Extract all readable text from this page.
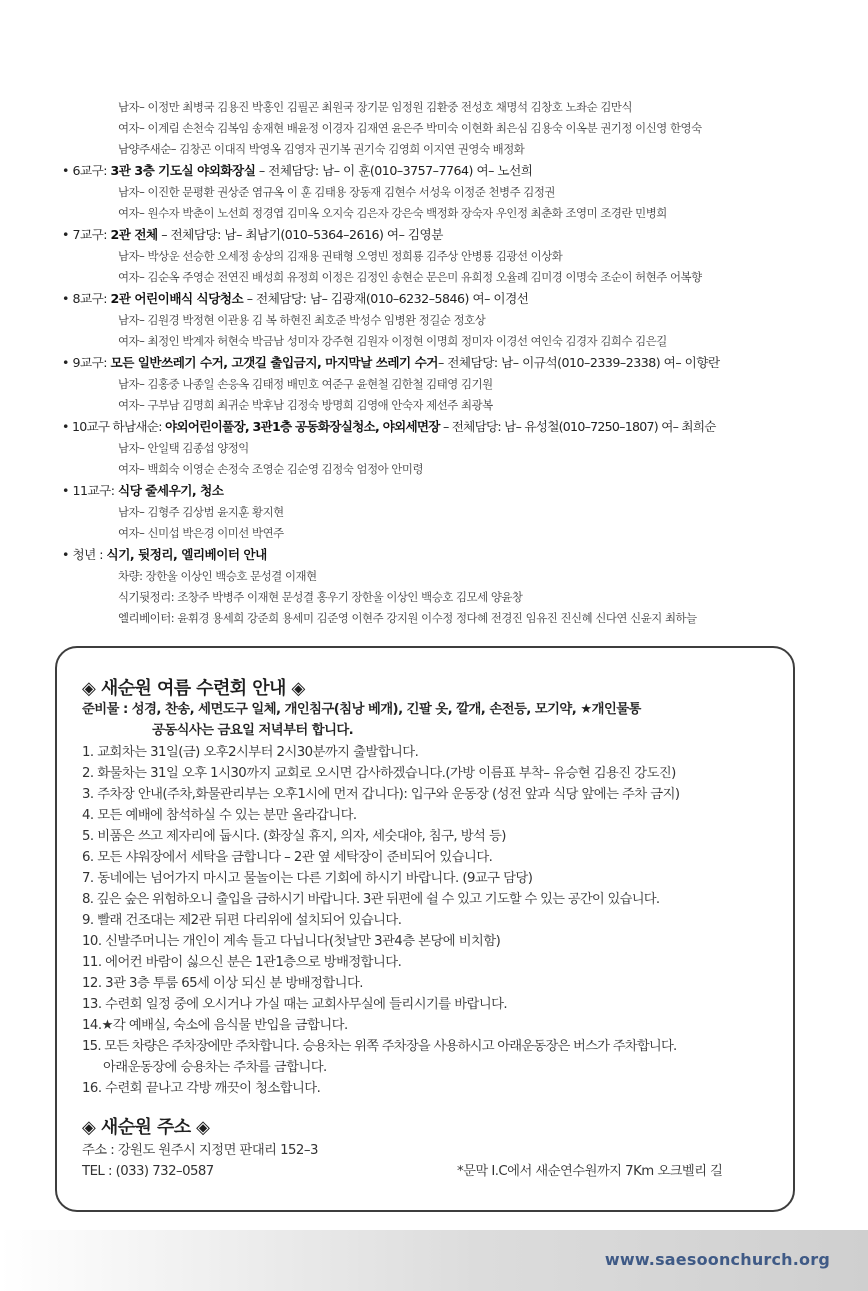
남자– 이정만 최병국 김용진 박홍인 김필곤 최원국 장기문 임정원 김환중 전성호 채명석 김창호 노좌순 김만식
여자– 이계림 손천숙 김복임 송재현 배윤정 이경자 김재연 윤은주 박미숙 이현화 최은심 김용숙 이옥분 권기정 이신영 한영숙
남양주새순– 김창곤 이대직 박영옥 김영자 권기복 권기숙 김영희 이지연 권영숙 배정화
• 6교구: 3관 3층 기도실 야외화장실 – 전체담당: 남– 이 훈(010–3757–7764) 여– 노선희
남자– 이진한 문평환 권상준 염규옥 이 훈 김태용 장동재 김현수 서성욱 이정준 천병주 김정권
여자– 원수자 박춘이 노선희 정경엽 김미옥 오지숙 김은자 강은숙 백정화 장숙자 우인정 최춘화 조영미 조경란 민병희
• 7교구: 2관 전체 – 전체담당: 남– 최남기(010–5364–2616) 여– 김영분
남자– 박상운 선승한 오세정 송상의 김재용 권태형 오영빈 정희룡 김주상 안병룡 김광선 이상화
여자– 김순옥 주영순 전연진 배성희 유정희 이정은 김정인 송현순 문은미 유희정 오율례 김미경 이명숙 조순이 허현주 어복향
• 8교구: 2관 어린이배식 식당청소 – 전체담당: 남– 김광재(010–6232–5846) 여– 이경선
남자– 김원경 박정현 이관용 김 복 하현진 최호준 박성수 임병완 정길순 정호상
여자– 최정인 박계자 허현숙 박금남 성미자 강주현 김원자 이정현 이명희 정미자 이경선 여인숙 김경자 김희수 김은길
• 9교구: 모든 일반쓰레기 수거, 고갯길 출입금지, 마지막날 쓰레기 수거– 전체담당: 남– 이규석(010–2339–2338) 여– 이향란
남자– 김홍중 나종일 손응옥 김태정 배민호 여준구 윤현철 김한철 김태영 김기원
여자– 구부남 김명희 최귀순 박후남 김정숙 방명희 김영애 안숙자 제선주 최광복
• 10교구 하남새순: 야외어린이풀장, 3관1층 공동화장실청소, 야외세면장 – 전체담당: 남– 유성철(010–7250–1807) 여– 최희순
남자– 안일택 김종섭 양정익
여자– 백희숙 이영순 손정숙 조영순 김순영 김정숙 엄정아 안미령
• 11교구: 식당 줄세우기, 청소
남자– 김형주 김상범 윤지훈 황지현
여자– 신미섭 박은경 이미선 박연주
• 청년 : 식기, 뒷정리, 엘리베이터 안내
차량: 장한울 이상인 백승호 문성결 이재현
식기뒷정리: 조창주 박병주 이재현 문성결 홍우기 장한울 이상인 백승호 김모세 양윤창
엘리베이터: 윤휘경 용세희 강준희 용세미 김준영 이현주 강지원 이수정 정다혜 전경진 임유진 진신혜 신다연 신윤지 최하늘
◈ 새순원 여름 수련회 안내 ◈
준비물 : 성경, 찬송, 세면도구 일체, 개인침구(침낭 베개), 긴팔 옷, 깔개, 손전등, 모기약, ★개인물통
공동식사는 금요일 저녁부터 합니다.
1. 교회차는 31일(금) 오후2시부터 2시30분까지 출발합니다.
2. 화물차는 31일 오후 1시30까지 교회로 오시면 감사하겠습니다.(가방 이름표 부착– 유승현 김용진 강도진)
3. 주차장 안내(주차,화물관리부는 오후1시에 먼저 갑니다): 입구와 운동장 (성전 앞과 식당 앞에는 주차 금지)
4. 모든 예배에 참석하실 수 있는 분만 올라갑니다.
5. 비품은 쓰고 제자리에 둡시다. (화장실 휴지, 의자, 세숫대야, 침구, 방석 등)
6. 모든 샤워장에서 세탁을 금합니다 – 2관 옆 세탁장이 준비되어 있습니다.
7. 동네에는 넘어가지 마시고 물놀이는 다른 기회에 하시기 바랍니다. (9교구 담당)
8. 깊은 숲은 위험하오니 출입을 금하시기 바랍니다. 3관 뒤편에 쉴 수 있고 기도할 수 있는 공간이 있습니다.
9. 빨래 건조대는 제2관 뒤편 다리위에 설치되어 있습니다.
10. 신발주머니는 개인이 계속 들고 다닙니다(첫날만 3관4층 본당에 비치함)
11. 에어컨 바람이 싫으신 분은 1관1층으로 방배정합니다.
12. 3관 3층 투룸 65세 이상 되신 분 방배정합니다.
13. 수련회 일정 중에 오시거나 가실 때는 교회사무실에 들리시기를 바랍니다.
14.★각 예배실, 숙소에 음식물 반입을 금합니다.
15. 모든 차량은 주차장에만 주차합니다. 승용차는 위쪽 주차장을 사용하시고 아래운동장은 버스가 주차합니다.
아래운동장에 승용차는 주차를 금합니다.
16. 수련회 끝나고 각방 깨끗이 청소합니다.
◈ 새순원 주소 ◈
주소 : 강원도 원주시 지정면 판대리 152–3
TEL : (033) 732–0587	*문막 I.C에서 새순연수원까지 7Km 오크벨리 길
www.saesoonchurch.org
